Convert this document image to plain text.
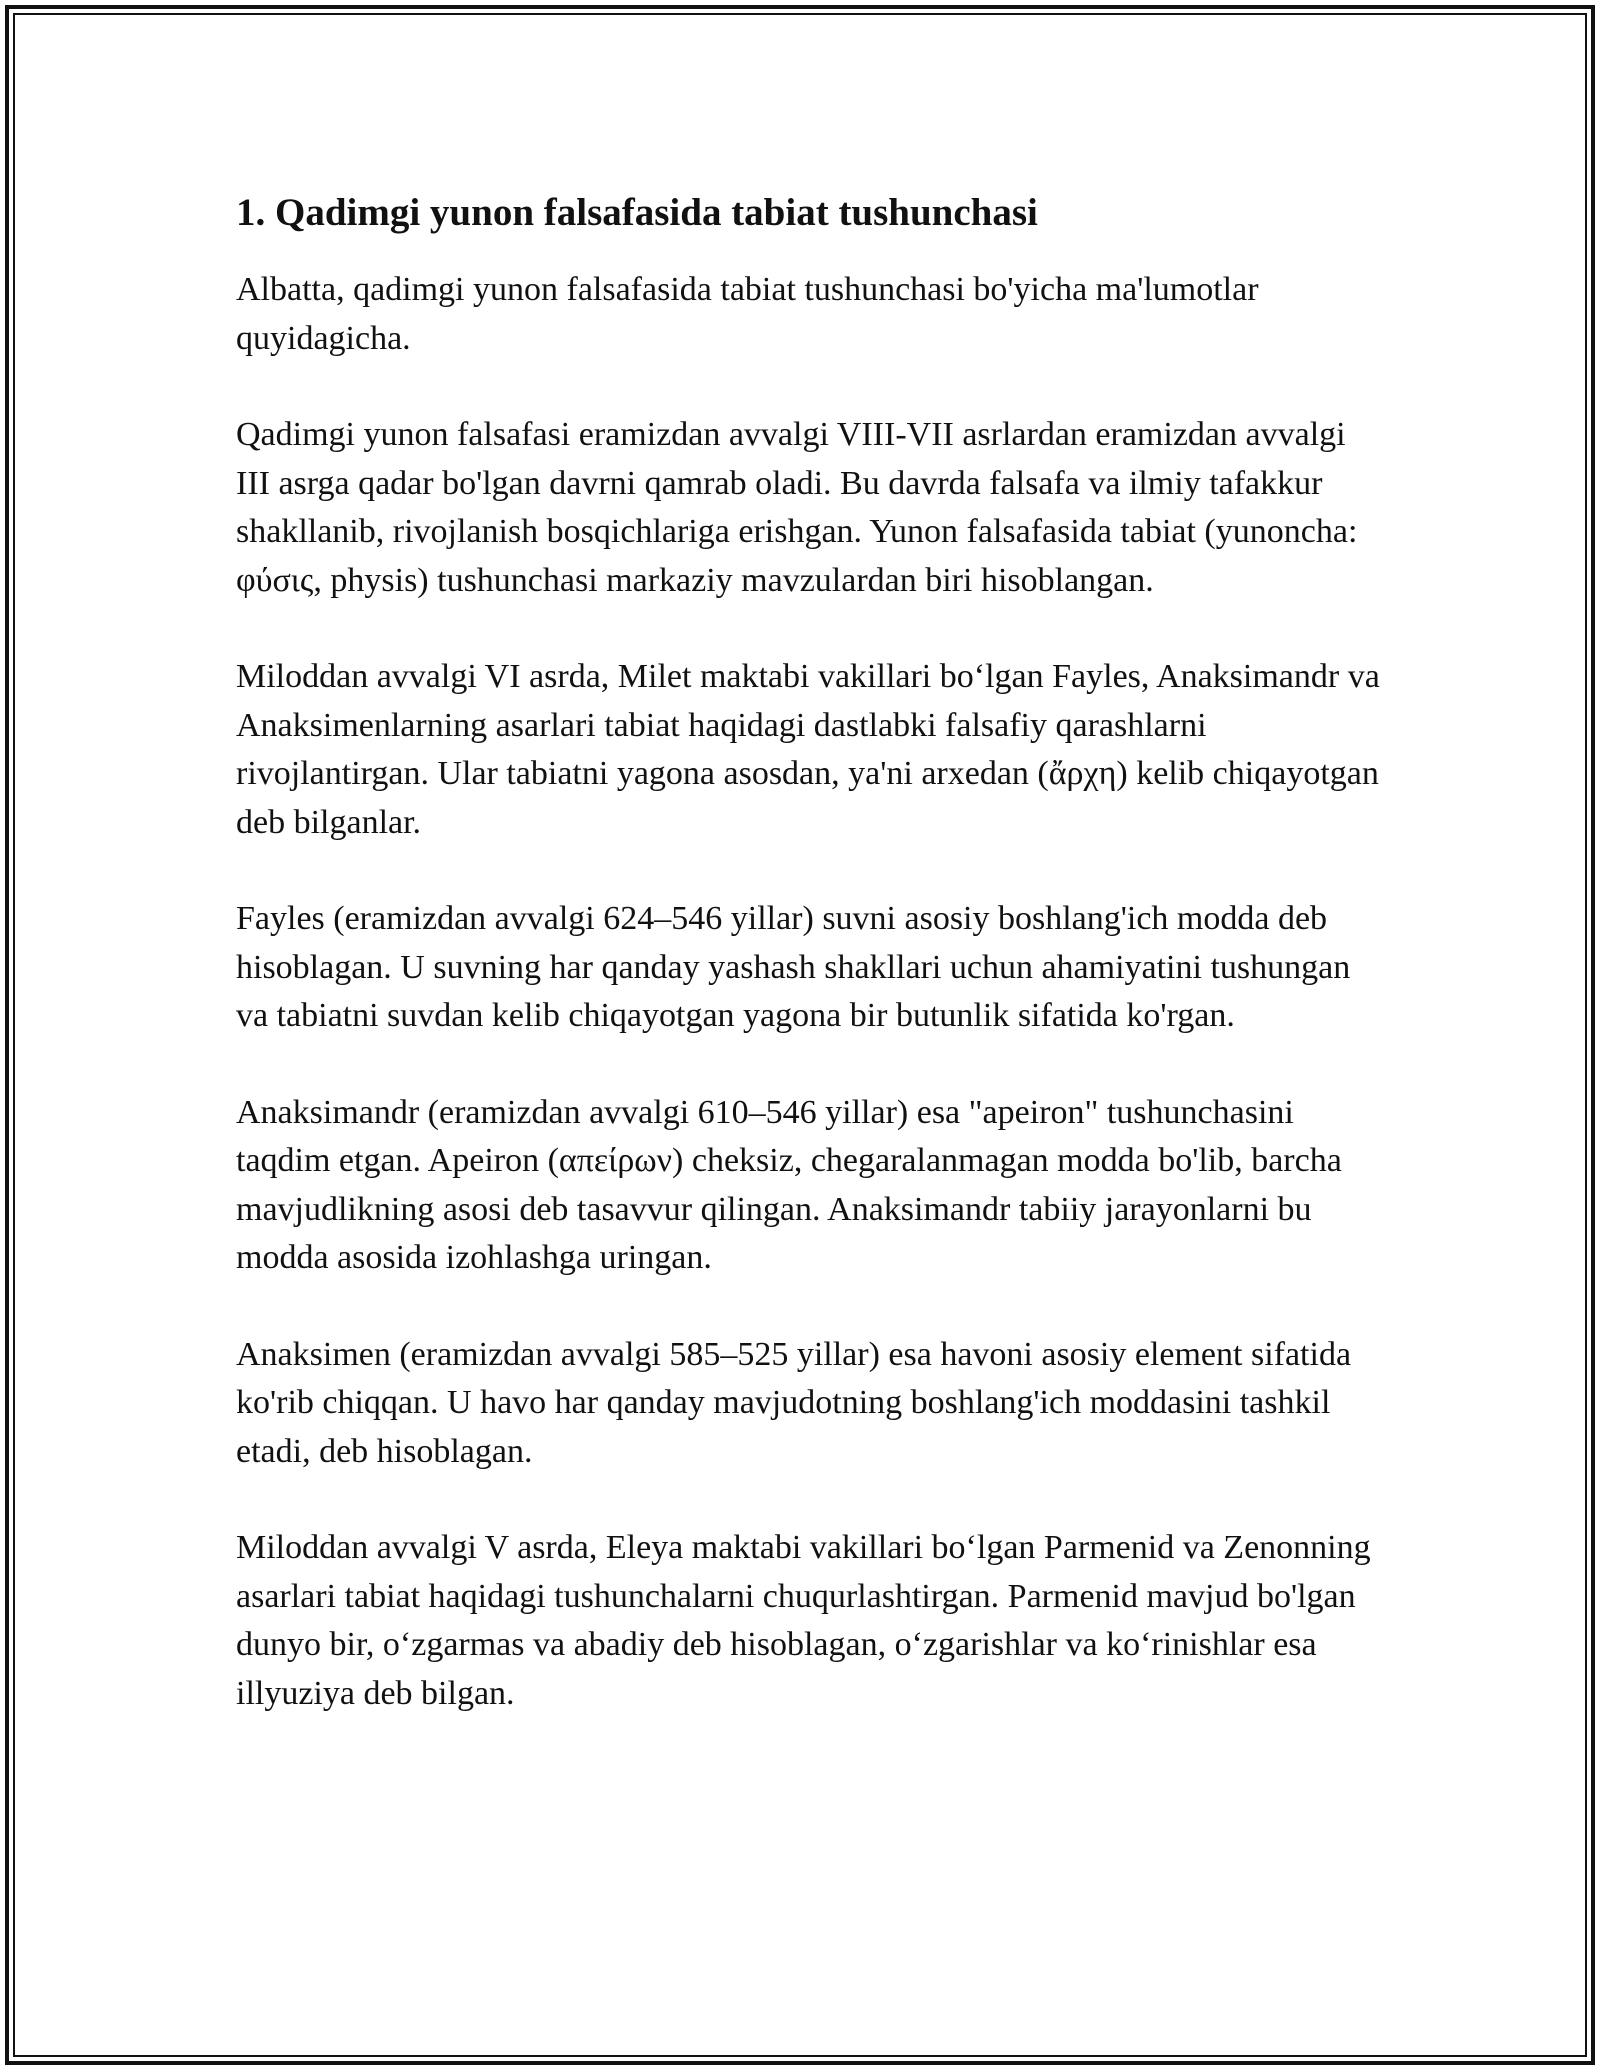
1. Qadimgi yunon falsafasida tabiat tushunchasi

Albatta, qadimgi yunon falsafasida tabiat tushunchasi bo'yicha ma'lumotlar quyidagicha.

Qadimgi yunon falsafasi eramizdan avvalgi VIII-VII asrlardan eramizdan avvalgi III asrga qadar bo'lgan davrni qamrab oladi. Bu davrda falsafa va ilmiy tafakkur shakllanib, rivojlanish bosqichlariga erishgan. Yunon falsafasida tabiat (yunoncha: φύσις, physis) tushunchasi markaziy mavzulardan biri hisoblangan.

Miloddan avvalgi VI asrda, Milet maktabi vakillari boʻlgan Fayles, Anaksimandr va Anaksimenlarning asarlari tabiat haqidagi dastlabki falsafiy qarashlarni rivojlantirgan. Ular tabiatni yagona asosdan, ya'ni arxedan (ἄρχη) kelib chiqayotgan deb bilganlar.

Fayles (eramizdan avvalgi 624–546 yillar) suvni asosiy boshlang'ich modda deb hisoblagan. U suvning har qanday yashash shakllari uchun ahamiyatini tushungan va tabiatni suvdan kelib chiqayotgan yagona bir butunlik sifatida ko'rgan.

Anaksimandr (eramizdan avvalgi 610–546 yillar) esa "apeiron" tushunchasini taqdim etgan. Apeiron (απείρων) cheksiz, chegaralanmagan modda bo'lib, barcha mavjudlikning asosi deb tasavvur qilingan. Anaksimandr tabiiy jarayonlarni bu modda asosida izohlashga uringan.

Anaksimen (eramizdan avvalgi 585–525 yillar) esa havoni asosiy element sifatida ko'rib chiqqan. U havo har qanday mavjudotning boshlang'ich moddasini tashkil etadi, deb hisoblagan.

Miloddan avvalgi V asrda, Eleya maktabi vakillari boʻlgan Parmenid va Zenonning asarlari tabiat haqidagi tushunchalarni chuqurlashtirgan. Parmenid mavjud bo'lgan dunyo bir, oʻzgarmas va abadiy deb hisoblagan, oʻzgarishlar va koʻrinishlar esa illyuziya deb bilgan.
